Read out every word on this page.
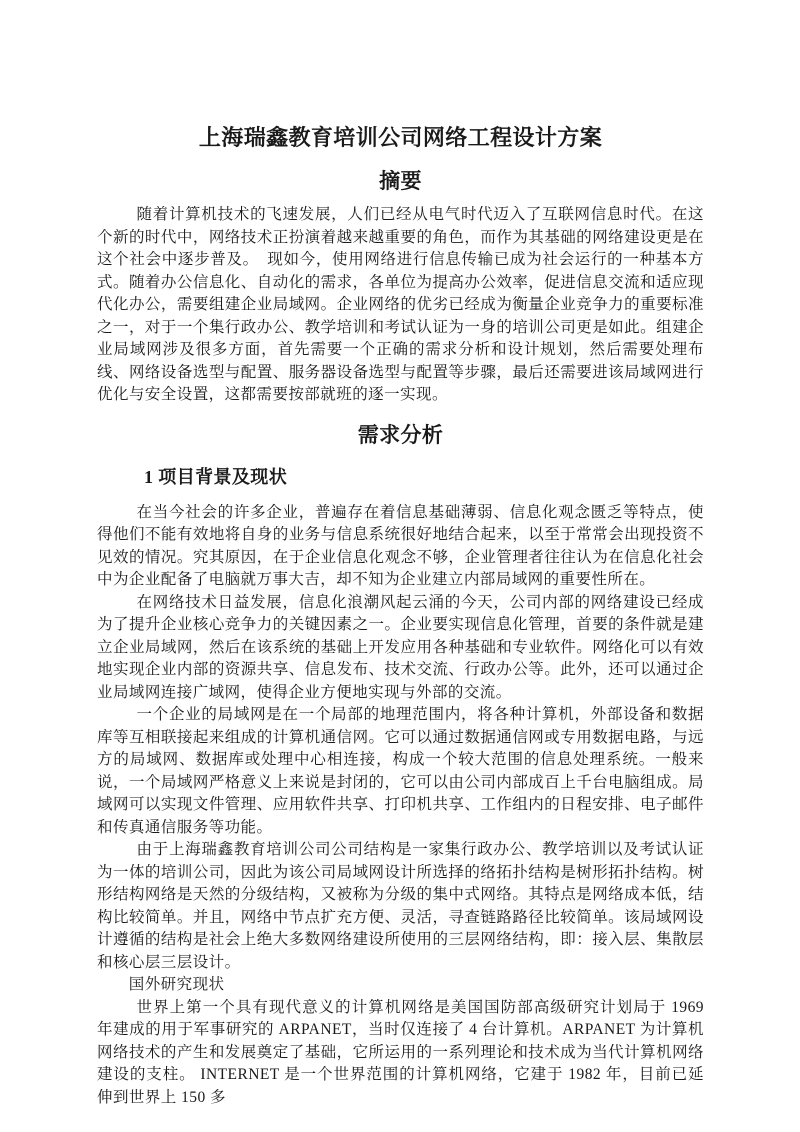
上海瑞鑫教育培训公司网络工程设计方案
摘要

随着计算机技术的飞速发展，人们已经从电气时代迈入了互联网信息时代。在这个新的时代中，网络技术正扮演着越来越重要的角色，而作为其基础的网络建设更是在这个社会中逐步普及。　现如今，使用网络进行信息传输已成为社会运行的一种基本方式。随着办公信息化、自动化的需求，各单位为提高办公效率，促进信息交流和适应现代化办公，需要组建企业局域网。企业网络的优劣已经成为衡量企业竞争力的重要标准之一，对于一个集行政办公、教学培训和考试认证为一身的培训公司更是如此。组建企业局域网涉及很多方面，首先需要一个正确的需求分析和设计规划，然后需要处理布线、网络设备选型与配置、服务器设备选型与配置等步骤，最后还需要进该局域网进行优化与安全设置，这都需要按部就班的逐一实现。

需求分析
1 项目背景及现状

在当今社会的许多企业，普遍存在着信息基础薄弱、信息化观念匮乏等特点，使得他们不能有效地将自身的业务与信息系统很好地结合起来，以至于常常会出现投资不见效的情况。究其原因，在于企业信息化观念不够，企业管理者往往认为在信息化社会中为企业配备了电脑就万事大吉，却不知为企业建立内部局域网的重要性所在。

在网络技术日益发展，信息化浪潮风起云涌的今天，公司内部的网络建设已经成为了提升企业核心竞争力的关键因素之一。企业要实现信息化管理，首要的条件就是建立企业局域网，然后在该系统的基础上开发应用各种基础和专业软件。网络化可以有效地实现企业内部的资源共享、信息发布、技术交流、行政办公等。此外，还可以通过企业局域网连接广域网，使得企业方便地实现与外部的交流。

一个企业的局域网是在一个局部的地理范围内，将各种计算机，外部设备和数据库等互相联接起来组成的计算机通信网。它可以通过数据通信网或专用数据电路，与远方的局域网、数据库或处理中心相连接，构成一个较大范围的信息处理系统。一般来说，一个局域网严格意义上来说是封闭的，它可以由公司内部成百上千台电脑组成。局域网可以实现文件管理、应用软件共享、打印机共享、工作组内的日程安排、电子邮件和传真通信服务等功能。

由于上海瑞鑫教育培训公司公司结构是一家集行政办公、教学培训以及考试认证为一体的培训公司，因此为该公司局域网设计所选择的络拓扑结构是树形拓扑结构。树形结构网络是天然的分级结构，又被称为分级的集中式网络。其特点是网络成本低，结构比较简单。并且，网络中节点扩充方便、灵活，寻查链路路径比较简单。该局域网设计遵循的结构是社会上绝大多数网络建设所使用的三层网络结构，即：接入层、集散层和核心层三层设计。

国外研究现状

世界上第一个具有现代意义的计算机网络是美国国防部高级研究计划局于 1969 年建成的用于军事研究的 ARPANET，当时仅连接了 4 台计算机。ARPANET 为计算机网络技术的产生和发展奠定了基础，它所运用的一系列理论和技术成为当代计算机网络建设的支柱。 INTERNET 是一个世界范围的计算机网络，它建于 1982 年，目前已延伸到世界上 150 多
